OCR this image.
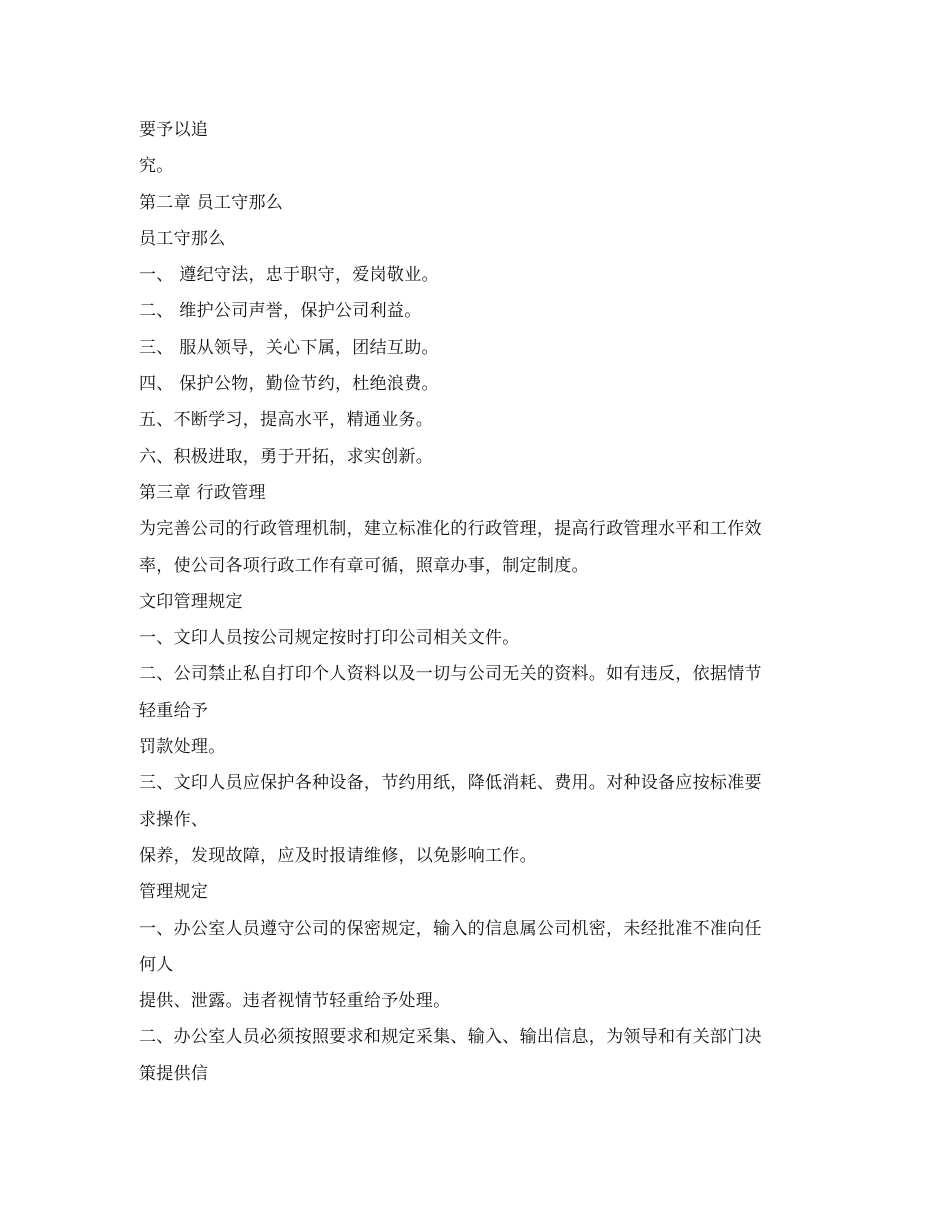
要予以追
究。
第二章 员工守那么
员工守那么
一、 遵纪守法，忠于职守，爱岗敬业。
二、 维护公司声誉，保护公司利益。
三、 服从领导，关心下属，团结互助。
四、 保护公物，勤俭节约，杜绝浪费。
五、不断学习，提高水平，精通业务。
六、积极进取，勇于开拓，求实创新。
第三章 行政管理
为完善公司的行政管理机制，建立标准化的行政管理，提高行政管理水平和工作效
率，使公司各项行政工作有章可循，照章办事，制定制度。
文印管理规定
一、文印人员按公司规定按时打印公司相关文件。
二、公司禁止私自打印个人资料以及一切与公司无关的资料。如有违反，依据情节
轻重给予
罚款处理。
三、文印人员应保护各种设备，节约用纸，降低消耗、费用。对种设备应按标准要
求操作、
保养，发现故障，应及时报请维修，以免影响工作。
管理规定
一、办公室人员遵守公司的保密规定，输入的信息属公司机密，未经批准不准向任
何人
提供、泄露。违者视情节轻重给予处理。
二、办公室人员必须按照要求和规定采集、输入、输出信息，为领导和有关部门决
策提供信
